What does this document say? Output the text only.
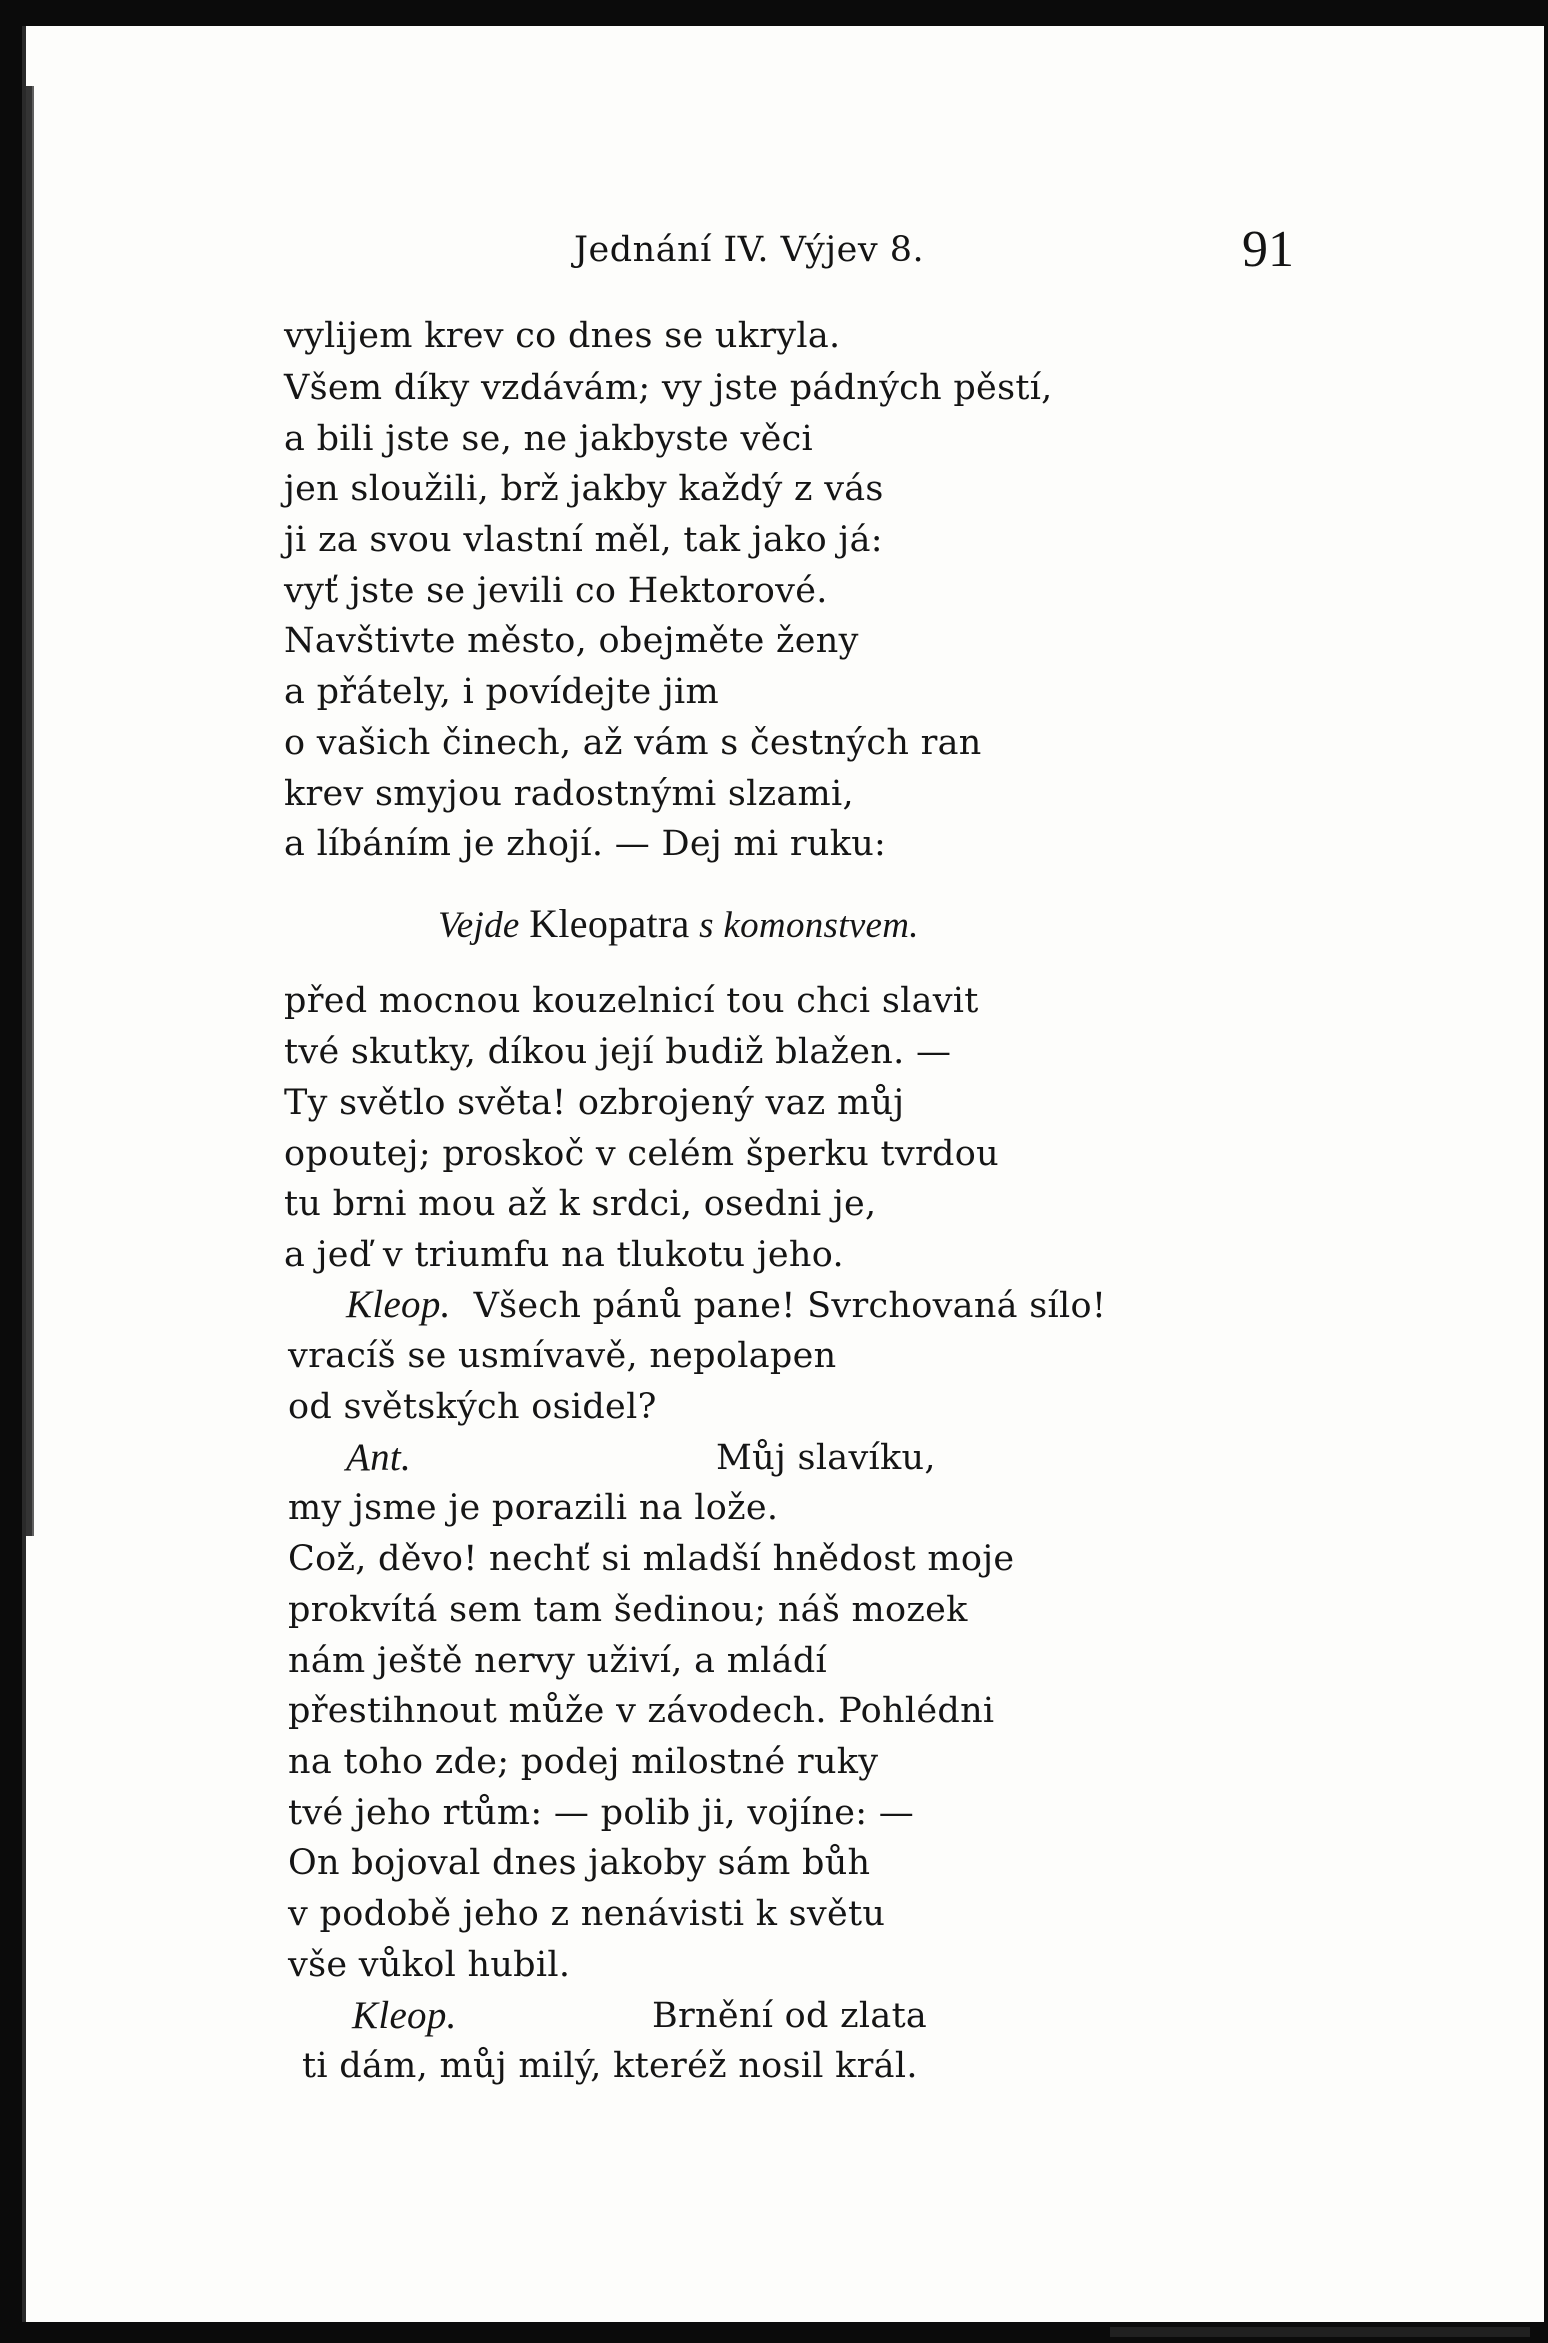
Jednání IV. Výjev 8.	91
vylijem krev co dnes se ukryla.
Všem díky vzdávám; vy jste pádných pěstí,
a bili jste se, ne jakbyste věci
jen sloužili, brž jakby každý z vás
ji za svou vlastní měl, tak jako já:
vyť jste se jevili co Hektorové.
Navštivte město, obejměte ženy
a přátely, i povídejte jim
o vašich činech, až vám s čestných ran
krev smyjou radostnými slzami,
a líbáním je zhojí. — Dej mi ruku:
Vejde Kleopatra s komonstvem.
před mocnou kouzelnicí tou chci slavit
tvé skutky, díkou její budiž blažen. —
Ty světlo světa! ozbrojený vaz můj
opoutej; proskoč v celém šperku tvrdou
tu brni mou až k srdci, osedni je,
a jeď v triumfu na tlukotu jeho.
Kleop. Všech pánů pane! Svrchovaná sílo!
vracíš se usmívavě, nepolapen
od světských osidel?
Ant.	Můj slavíku,
my jsme je porazili na lože.
Což, děvo! nechť si mladší hnědost moje
prokvítá sem tam šedinou; náš mozek
nám ještě nervy uživí, a mládí
přestihnout může v závodech. Pohlédni
na toho zde; podej milostné ruky
tvé jeho rtům: — polib ji, vojíne: —
On bojoval dnes jakoby sám bůh
v podobě jeho z nenávisti k světu
vše vůkol hubil.
Kleop.	Brnění od zlata
ti dám, můj milý, kteréž nosil král.
